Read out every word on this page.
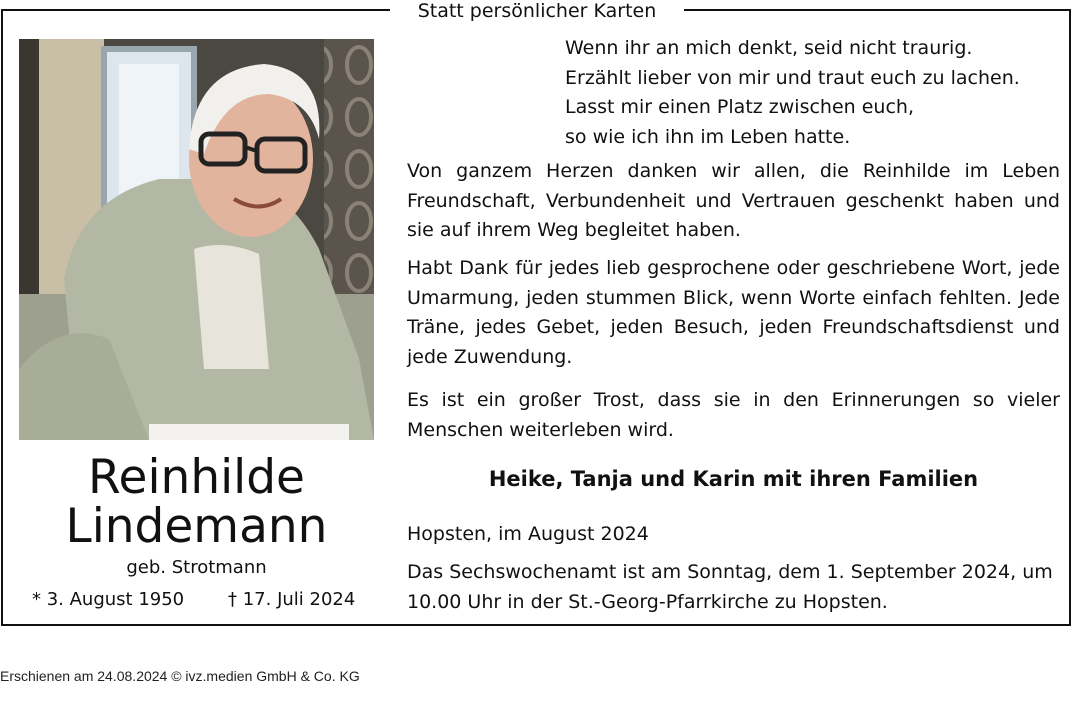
Statt persönlicher Karten
Reinhilde
Lindemann
geb. Strotmann
* 3. August 1950 † 17. Juli 2024
Wenn ihr an mich denkt, seid nicht traurig.
Erzählt lieber von mir und traut euch zu lachen.
Lasst mir einen Platz zwischen euch,
so wie ich ihn im Leben hatte.
Von ganzem Herzen danken wir allen, die Reinhilde im Leben Freundschaft, Verbundenheit und Vertrauen geschenkt haben und sie auf ihrem Weg begleitet haben.
Habt Dank für jedes lieb gesprochene oder geschriebene Wort, jede Umarmung, jeden stummen Blick, wenn Worte einfach fehlten. Jede Träne, jedes Gebet, jeden Besuch, jeden Freundschaftsdienst und jede Zuwendung.
Es ist ein großer Trost, dass sie in den Erinnerungen so vieler Menschen weiterleben wird.
Heike, Tanja und Karin mit ihren Familien
Hopsten, im August 2024
Das Sechswochenamt ist am Sonntag, dem 1. September 2024, um 10.00 Uhr in der St.-Georg-Pfarrkirche zu Hopsten.
Erschienen am 24.08.2024 © ivz.medien GmbH & Co. KG
